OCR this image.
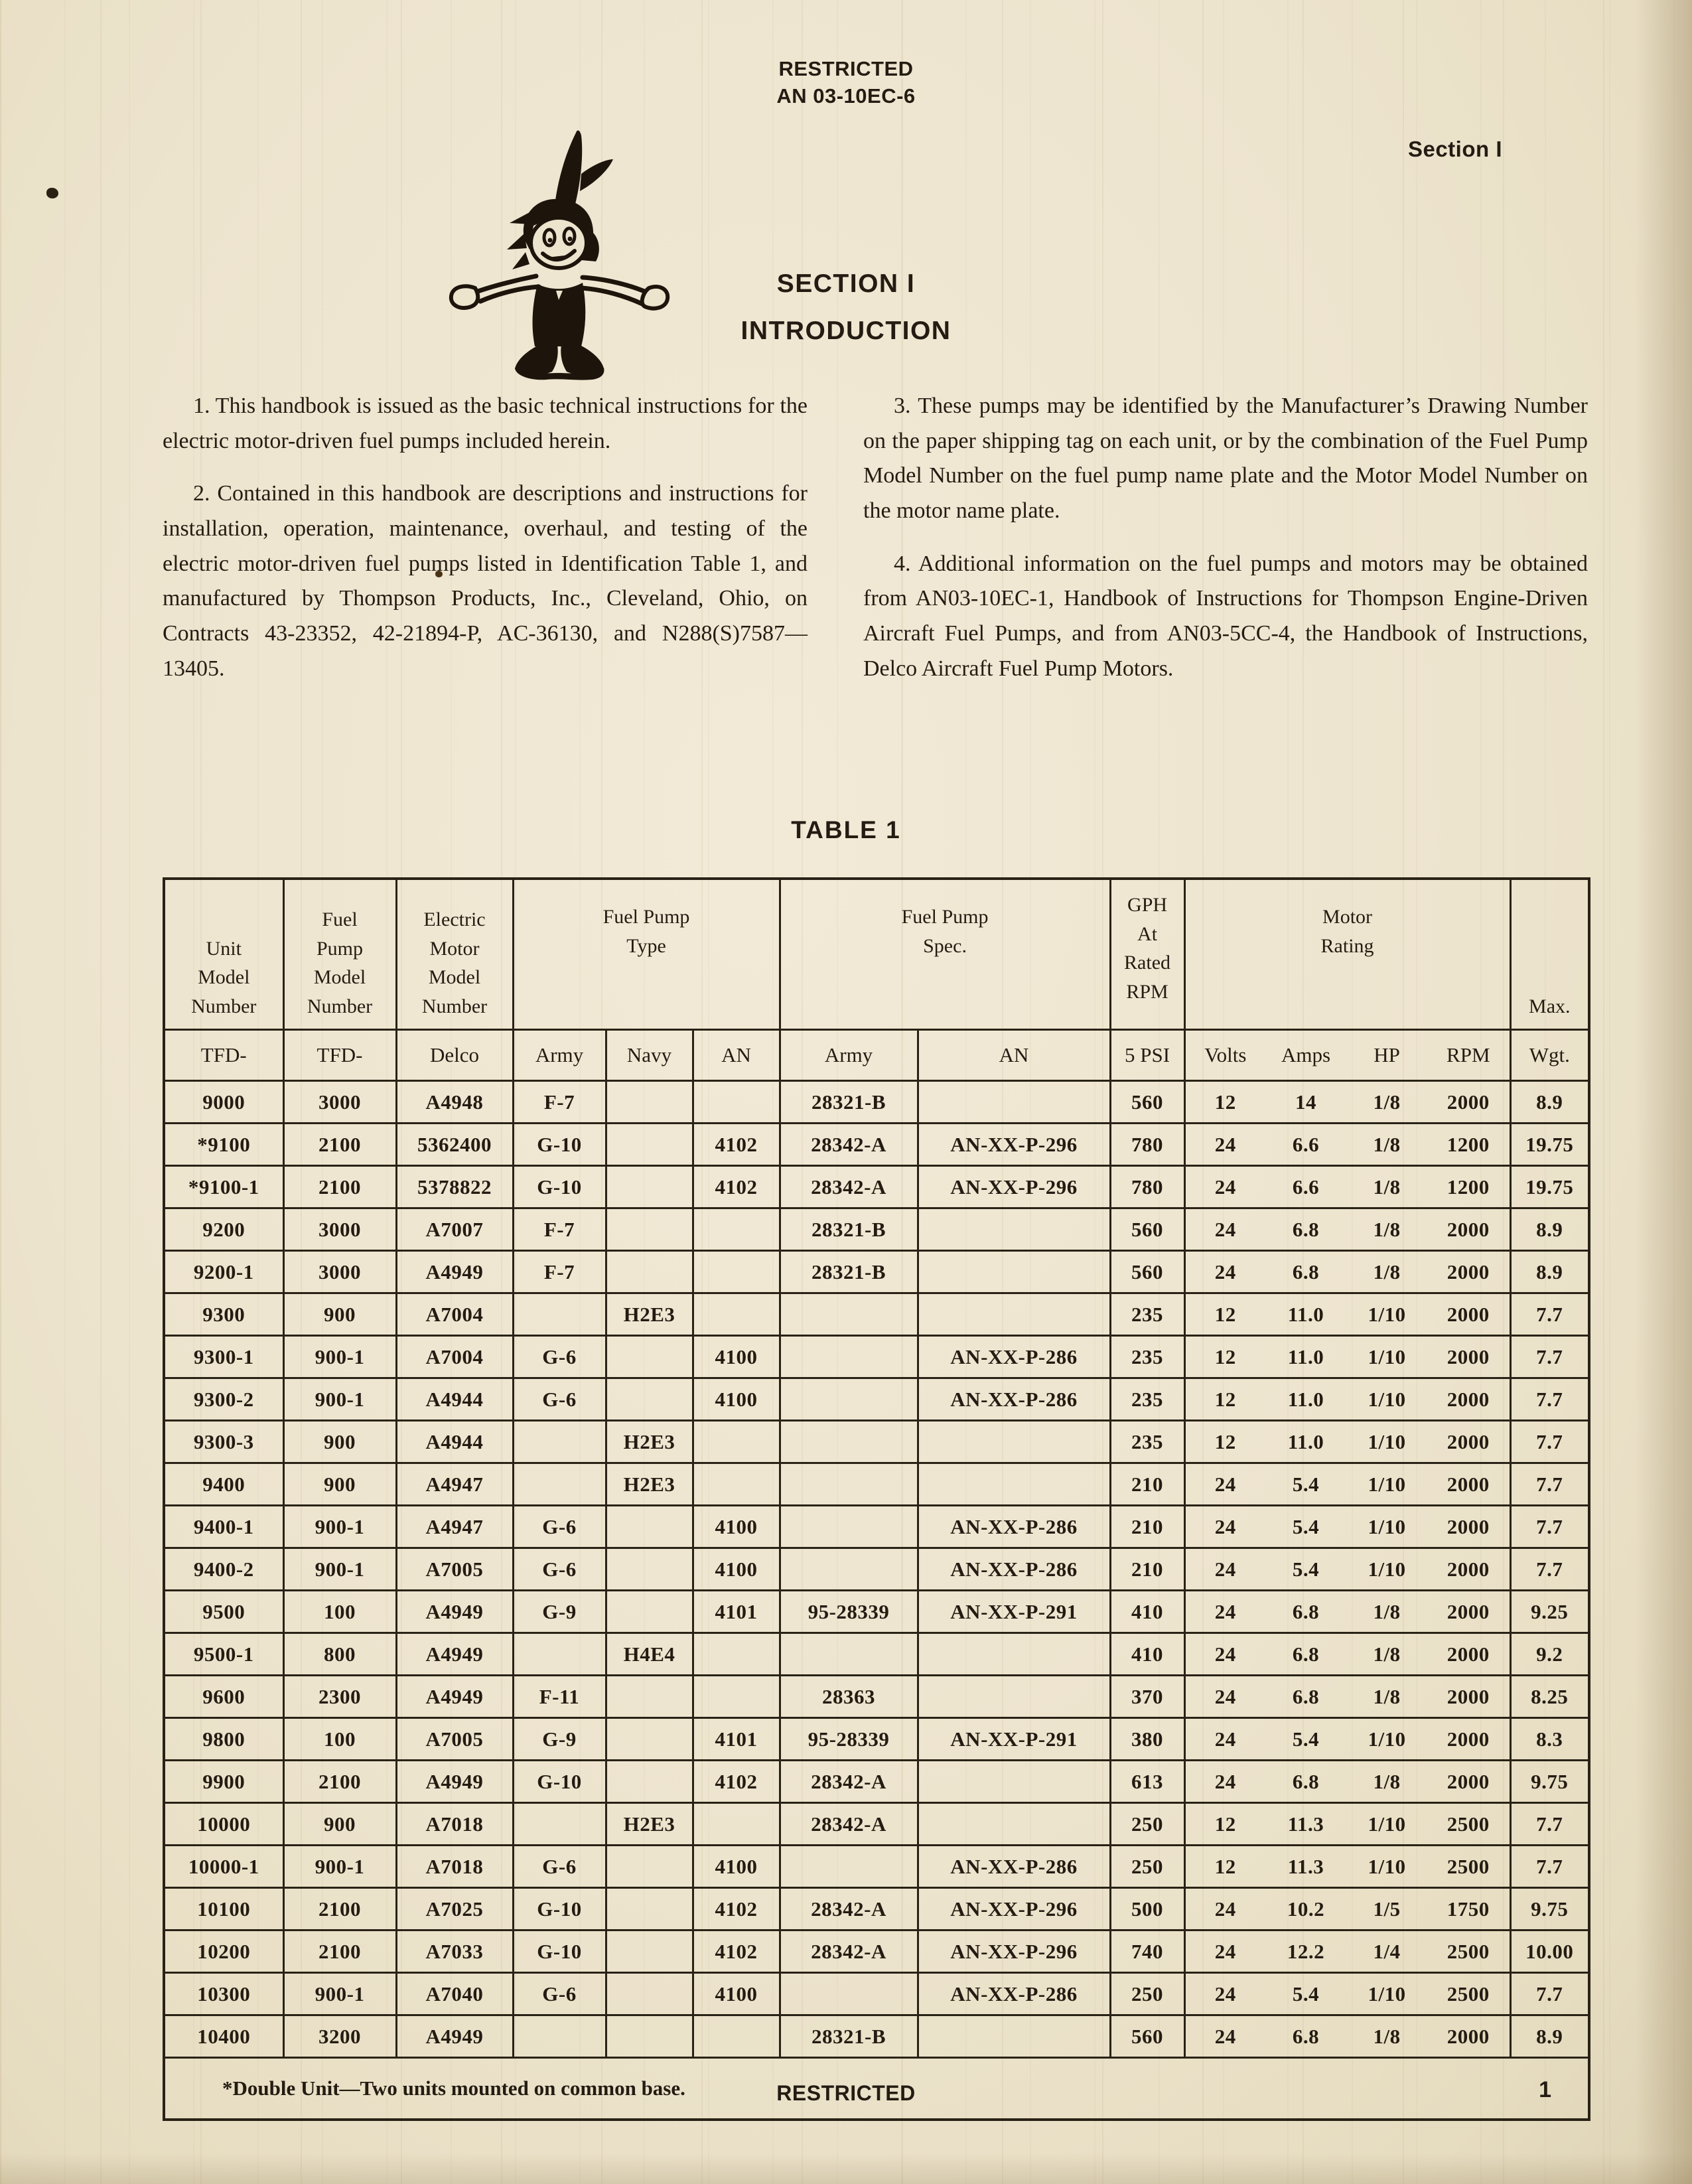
RESTRICTED
AN 03-10EC-6
Section I
SECTION I
INTRODUCTION

1. This handbook is issued as the basic technical instructions for the electric motor-driven fuel pumps included herein.

2. Contained in this handbook are descriptions and instructions for installation, operation, maintenance, overhaul, and testing of the electric motor-driven fuel pumps listed in Identification Table 1, and manufactured by Thompson Products, Inc., Cleveland, Ohio, on Contracts 43-23352, 42-21894-P, AC-36130, and N288(S)7587—13405.

3. These pumps may be identified by the Manufacturer’s Drawing Number on the paper shipping tag on each unit, or by the combination of the Fuel Pump Model Number on the fuel pump name plate and the Motor Model Number on the motor name plate.

4. Additional information on the fuel pumps and motors may be obtained from AN03-10EC-1, Handbook of Instructions for Thompson Engine-Driven Aircraft Fuel Pumps, and from AN03-5CC-4, the Handbook of Instructions, Delco Aircraft Fuel Pump Motors.

TABLE 1
Unit
Model
Number

Fuel
Pump
Model
Number

Electric
Motor
Model
Number

Fuel Pump
Type

Fuel Pump
Spec.

GPH
At
Rated
RPM

Motor
Rating
	Max.
TFD-	TFD-	Delco	Army	Navy	AN	Army	AN	5 PSI	Volts	Amps	HP	RPM	Wgt.
9000	3000	A4948	F-7			28321-B		560	12	14	1/8	2000	8.9
*9100	2100	5362400	G-10		4102	28342-A	AN-XX-P-296	780	24	6.6	1/8	1200	19.75
*9100-1	2100	5378822	G-10		4102	28342-A	AN-XX-P-296	780	24	6.6	1/8	1200	19.75
9200	3000	A7007	F-7			28321-B		560	24	6.8	1/8	2000	8.9
9200-1	3000	A4949	F-7			28321-B		560	24	6.8	1/8	2000	8.9
9300	900	A7004		H2E3				235	12	11.0	1/10	2000	7.7
9300-1	900-1	A7004	G-6		4100		AN-XX-P-286	235	12	11.0	1/10	2000	7.7
9300-2	900-1	A4944	G-6		4100		AN-XX-P-286	235	12	11.0	1/10	2000	7.7
9300-3	900	A4944		H2E3				235	12	11.0	1/10	2000	7.7
9400	900	A4947		H2E3				210	24	5.4	1/10	2000	7.7
9400-1	900-1	A4947	G-6		4100		AN-XX-P-286	210	24	5.4	1/10	2000	7.7
9400-2	900-1	A7005	G-6		4100		AN-XX-P-286	210	24	5.4	1/10	2000	7.7
9500	100	A4949	G-9		4101	95-28339	AN-XX-P-291	410	24	6.8	1/8	2000	9.25
9500-1	800	A4949		H4E4				410	24	6.8	1/8	2000	9.2
9600	2300	A4949	F-11			28363		370	24	6.8	1/8	2000	8.25
9800	100	A7005	G-9		4101	95-28339	AN-XX-P-291	380	24	5.4	1/10	2000	8.3
9900	2100	A4949	G-10		4102	28342-A		613	24	6.8	1/8	2000	9.75
10000	900	A7018		H2E3		28342-A		250	12	11.3	1/10	2500	7.7
10000-1	900-1	A7018	G-6		4100		AN-XX-P-286	250	12	11.3	1/10	2500	7.7
10100	2100	A7025	G-10		4102	28342-A	AN-XX-P-296	500	24	10.2	1/5	1750	9.75
10200	2100	A7033	G-10		4102	28342-A	AN-XX-P-296	740	24	12.2	1/4	2500	10.00
10300	900-1	A7040	G-6		4100		AN-XX-P-286	250	24	5.4	1/10	2500	7.7
10400	3200	A4949				28321-B		560	24	6.8	1/8	2000	8.9
*Double Unit—Two units mounted on common base.														RESTRICTED	1
